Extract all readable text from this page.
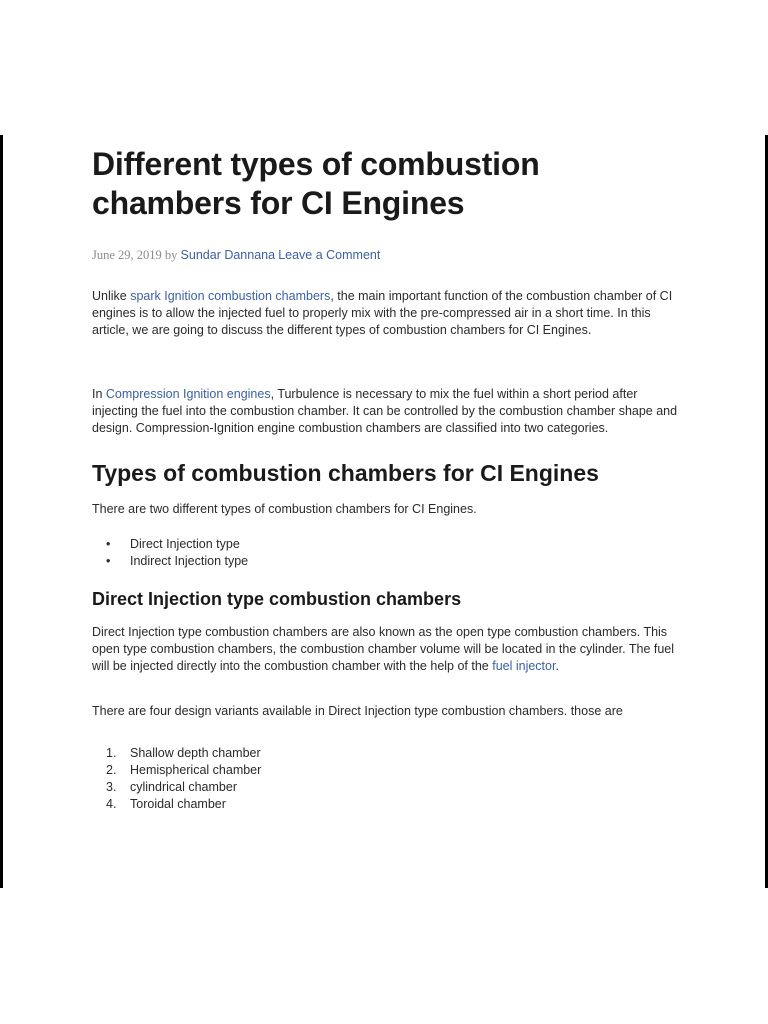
Different types of combustion chambers for CI Engines
June 29, 2019 by Sundar Dannana Leave a Comment

Unlike spark Ignition combustion chambers, the main important function of the combustion chamber of CI engines is to allow the injected fuel to properly mix with the pre-compressed air in a short time. In this article, we are going to discuss the different types of combustion chambers for CI Engines.

In Compression Ignition engines, Turbulence is necessary to mix the fuel within a short period after injecting the fuel into the combustion chamber. It can be controlled by the combustion chamber shape and design. Compression-Ignition engine combustion chambers are classified into two categories.

Types of combustion chambers for CI Engines

There are two different types of combustion chambers for CI Engines.

• Direct Injection type
• Indirect Injection type
Direct Injection type combustion chambers

Direct Injection type combustion chambers are also known as the open type combustion chambers. This open type combustion chambers, the combustion chamber volume will be located in the cylinder. The fuel will be injected directly into the combustion chamber with the help of the fuel injector.

There are four design variants available in Direct Injection type combustion chambers. those are

1. Shallow depth chamber
2. Hemispherical chamber
3. cylindrical chamber
4. Toroidal chamber
